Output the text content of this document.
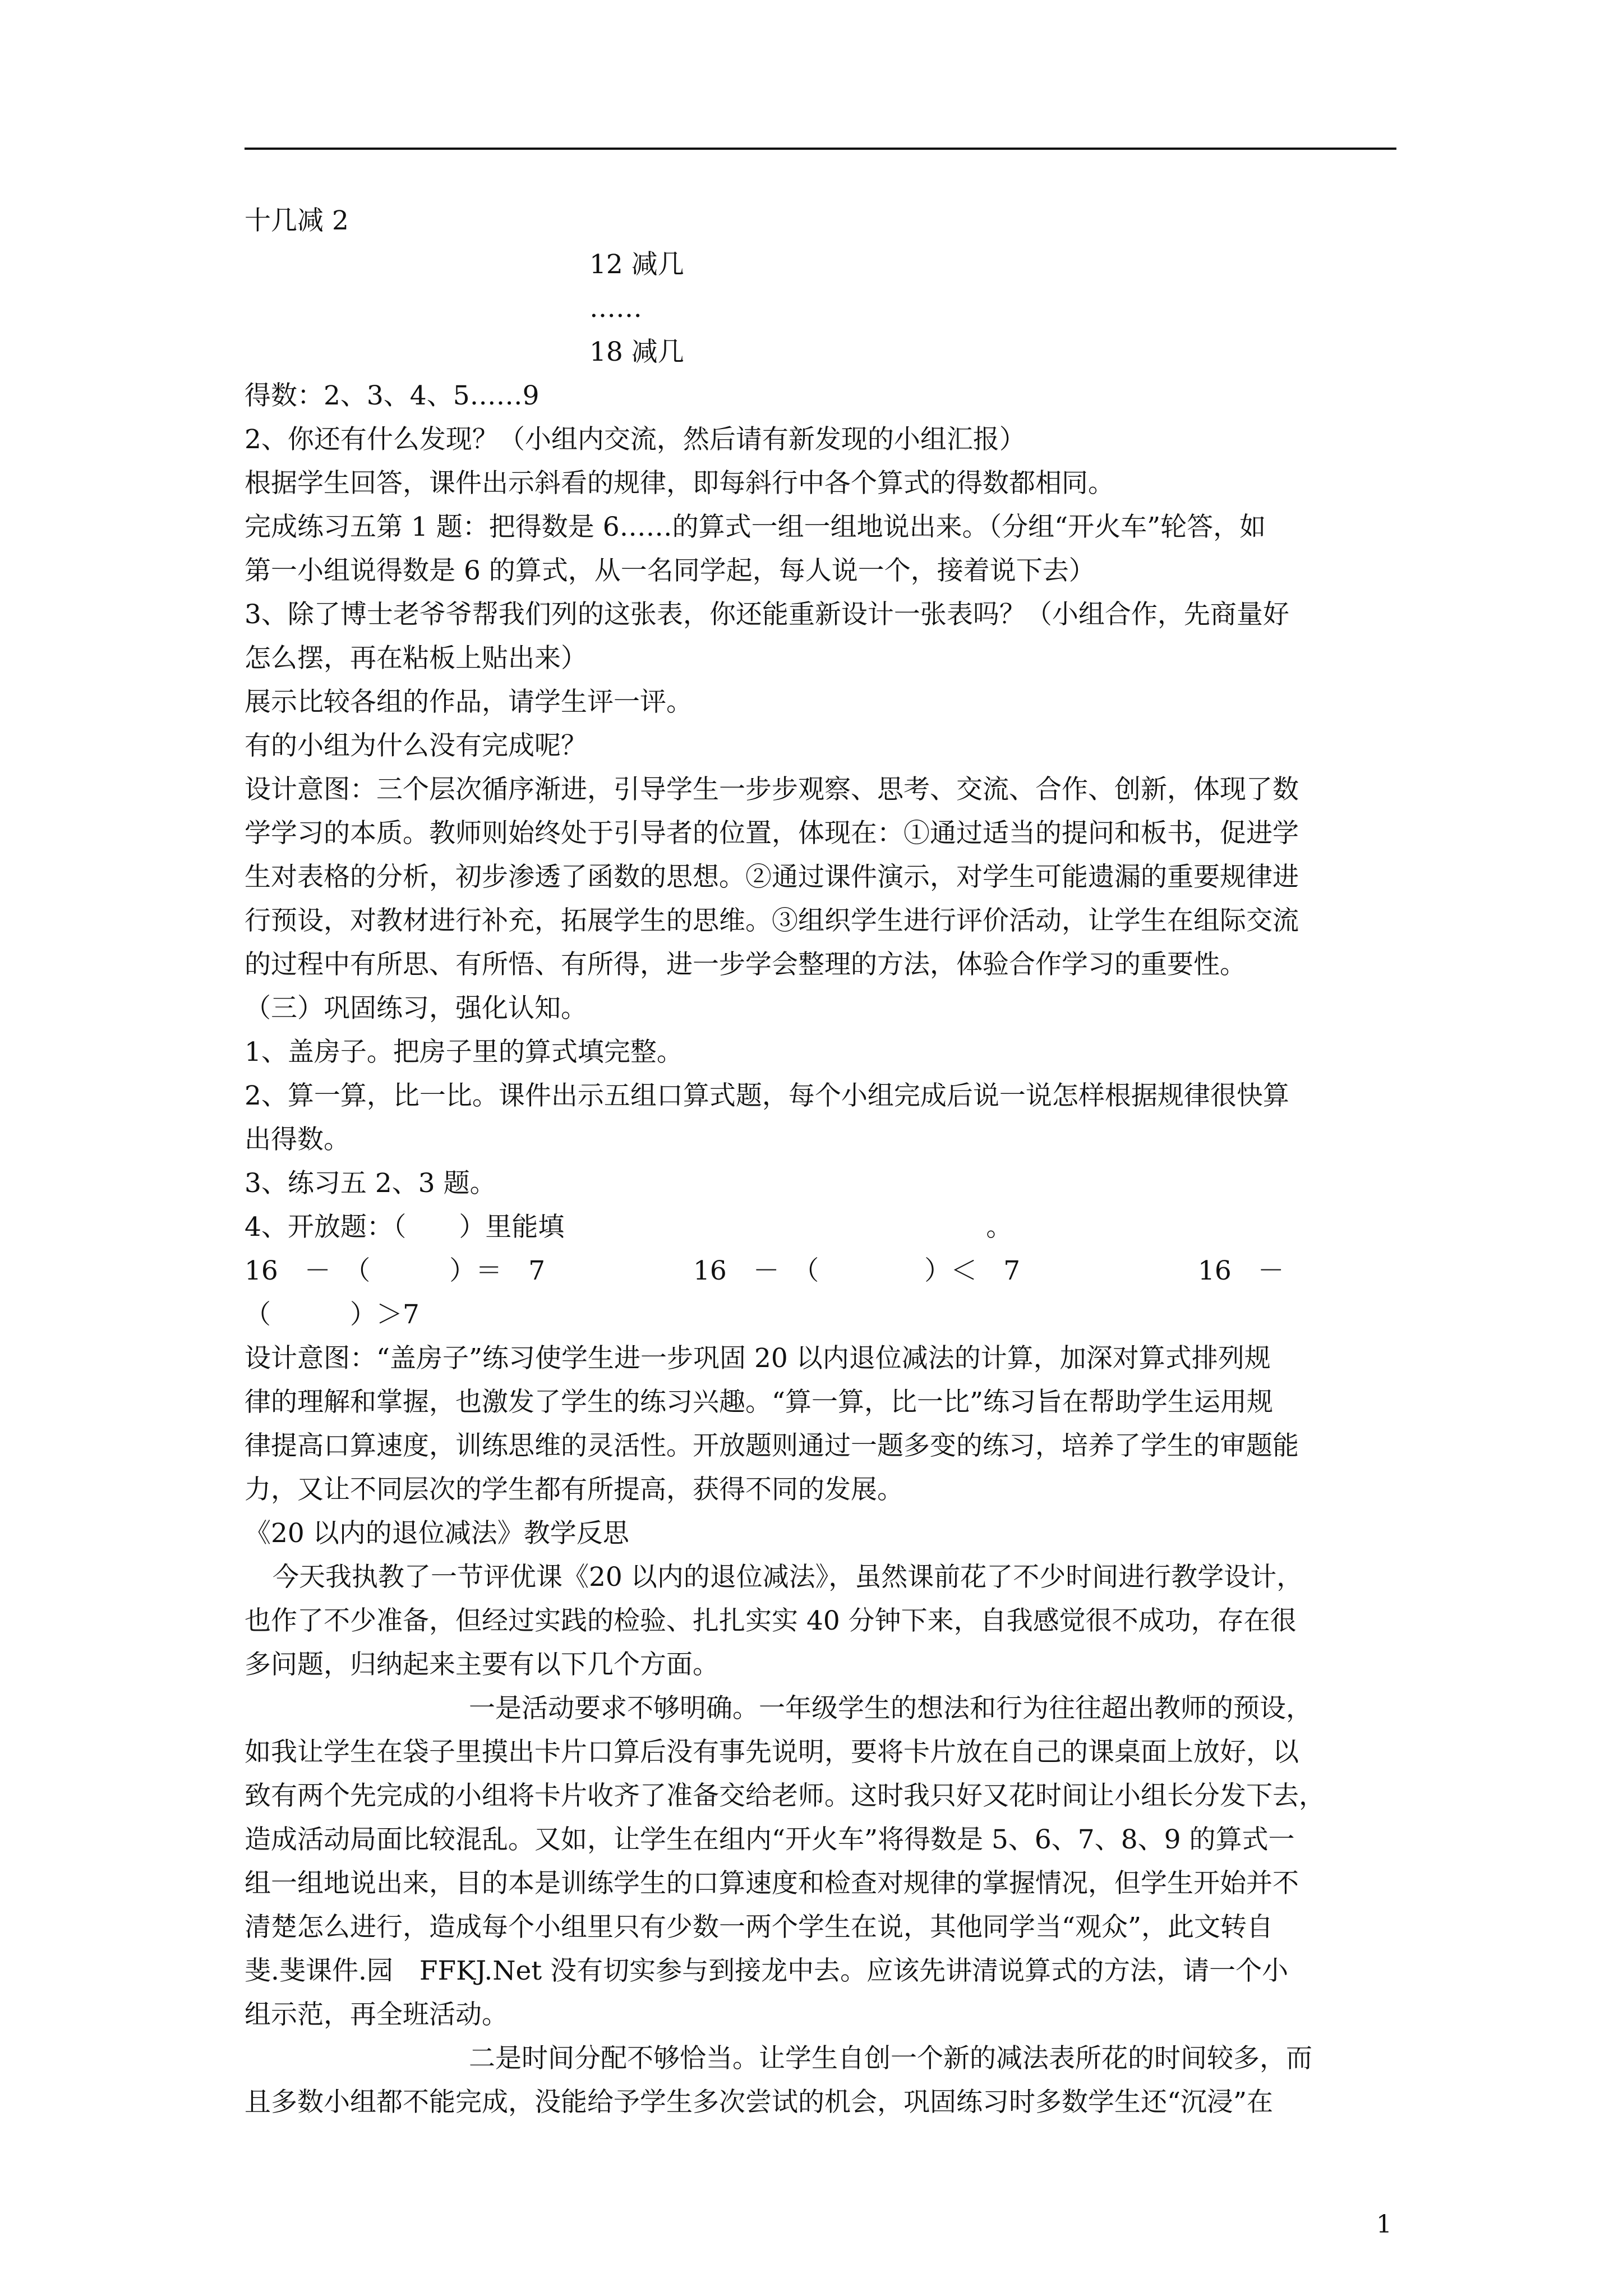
十几减 2

12 减几

……

18 减几

得数：2、3、4、5……9

2、你还有什么发现？（小组内交流，然后请有新发现的小组汇报）

根据学生回答，课件出示斜看的规律，即每斜行中各个算式的得数都相同。

完成练习五第 1 题：把得数是 6……的算式一组一组地说出来。（分组“开火车”轮答，如

第一小组说得数是 6 的算式，从一名同学起，每人说一个，接着说下去）

3、除了博士老爷爷帮我们列的这张表，你还能重新设计一张表吗？（小组合作，先商量好

怎么摆，再在粘板上贴出来）

展示比较各组的作品，请学生评一评。

有的小组为什么没有完成呢？

设计意图：三个层次循序渐进，引导学生一步步观察、思考、交流、合作、创新，体现了数

学学习的本质。教师则始终处于引导者的位置，体现在：①通过适当的提问和板书，促进学

生对表格的分析，初步渗透了函数的思想。②通过课件演示，对学生可能遗漏的重要规律进

行预设，对教材进行补充，拓展学生的思维。③组织学生进行评价活动，让学生在组际交流

的过程中有所思、有所悟、有所得，进一步学会整理的方法，体验合作学习的重要性。

（三）巩固练习，强化认知。

1、盖房子。把房子里的算式填完整。

2、算一算，比一比。课件出示五组口算式题，每个小组完成后说一说怎样根据规律很快算

出得数。

3、练习五 2、3 题。

4、开放题：（　　）里能填　　　　　　　　　　　　　　　　。

16　－　（　　　）＝　7	16　－　（　　　　）＜　7	16　－

（　　　）＞7

设计意图：“盖房子”练习使学生进一步巩固 20 以内退位减法的计算，加深对算式排列规

律的理解和掌握，也激发了学生的练习兴趣。“算一算，比一比”练习旨在帮助学生运用规

律提高口算速度，训练思维的灵活性。开放题则通过一题多变的练习，培养了学生的审题能

力，又让不同层次的学生都有所提高，获得不同的发展。

《20 以内的退位减法》教学反思

今天我执教了一节评优课《20 以内的退位减法》，虽然课前花了不少时间进行教学设计，

也作了不少准备，但经过实践的检验、扎扎实实 40 分钟下来，自我感觉很不成功，存在很

多问题，归纳起来主要有以下几个方面。

一是活动要求不够明确。一年级学生的想法和行为往往超出教师的预设，

如我让学生在袋子里摸出卡片口算后没有事先说明，要将卡片放在自己的课桌面上放好，以

致有两个先完成的小组将卡片收齐了准备交给老师。这时我只好又花时间让小组长分发下去，

造成活动局面比较混乱。又如，让学生在组内“开火车”将得数是 5、6、7、8、9 的算式一

组一组地说出来，目的本是训练学生的口算速度和检查对规律的掌握情况，但学生开始并不

清楚怎么进行，造成每个小组里只有少数一两个学生在说，其他同学当“观众”，此文转自

斐.斐课件.园　FFKJ.Net 没有切实参与到接龙中去。应该先讲清说算式的方法，请一个小

组示范，再全班活动。

二是时间分配不够恰当。让学生自创一个新的减法表所花的时间较多，而

且多数小组都不能完成，没能给予学生多次尝试的机会，巩固练习时多数学生还“沉浸”在

1
